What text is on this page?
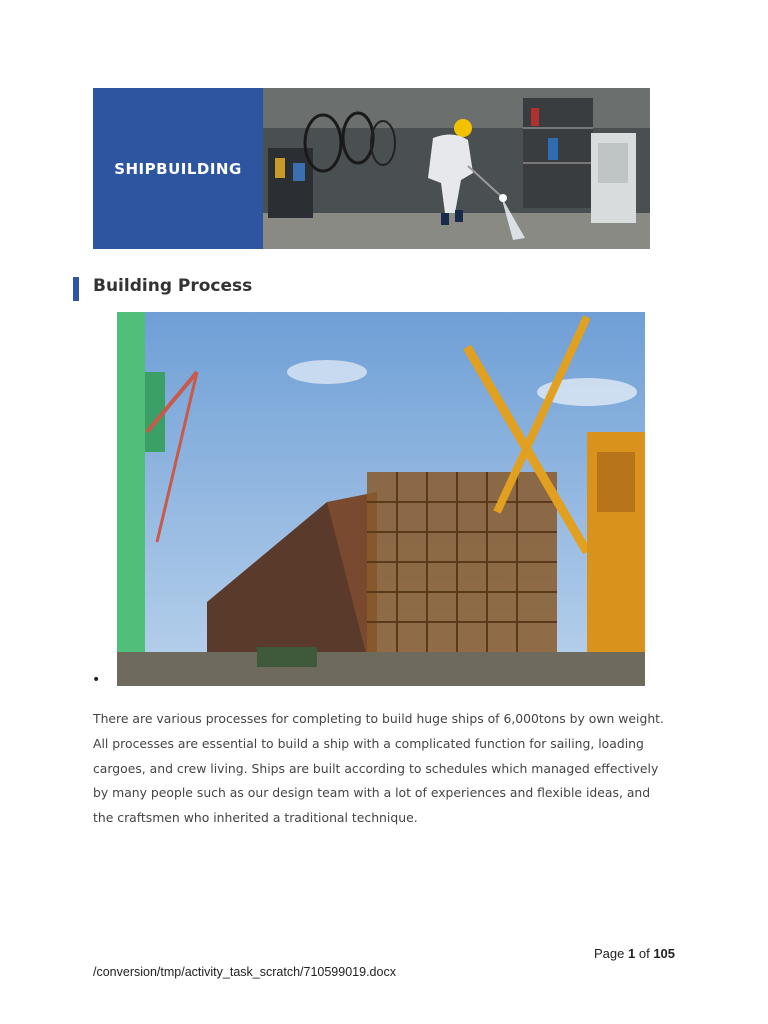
SHIPBUILDING
Building Process
•
There are various processes for completing to build huge ships of 6,000tons by own weight.
All processes are essential to build a ship with a complicated function for sailing, loading
cargoes, and crew living. Ships are built according to schedules which managed effectively
by many people such as our design team with a lot of experiences and flexible ideas, and
the craftsmen who inherited a traditional technique.
Page 1 of 105
/conversion/tmp/activity_task_scratch/710599019.docx
